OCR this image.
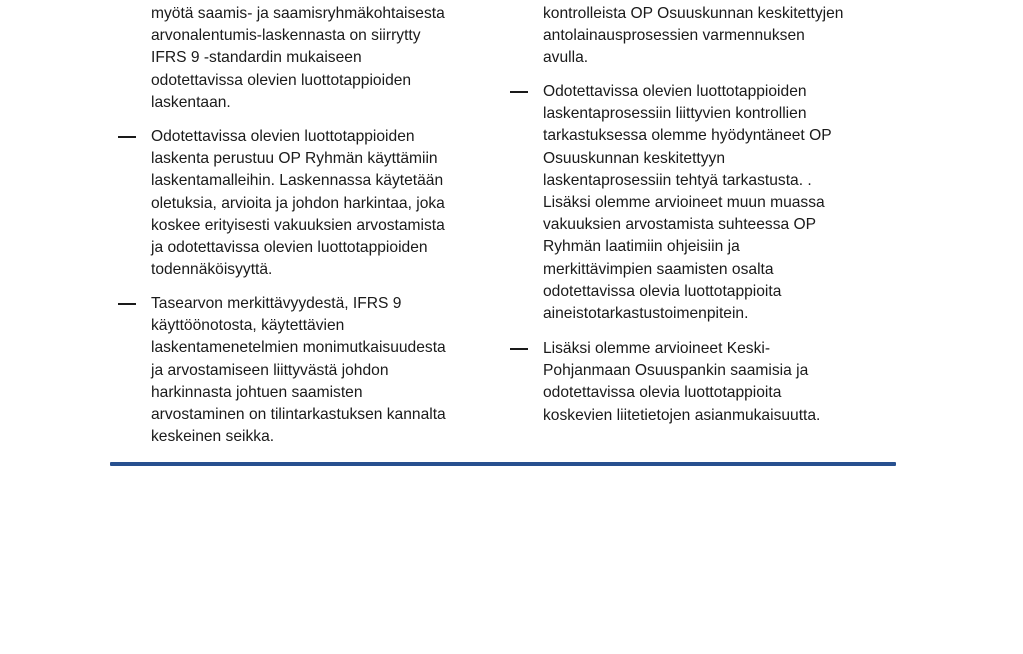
myötä saamis- ja saamisryhmäkohtaisesta
arvonalentumis-laskennasta on siirrytty
IFRS 9 -standardin mukaiseen
odotettavissa olevien luottotappioiden
laskentaan.
Odotettavissa olevien luottotappioiden
laskenta perustuu OP Ryhmän käyttämiin
laskentamalleihin. Laskennassa käytetään
oletuksia, arvioita ja johdon harkintaa, joka
koskee erityisesti vakuuksien arvostamista
ja odotettavissa olevien luottotappioiden
todennäköisyyttä.
Tasearvon merkittävyydestä, IFRS 9
käyttöönotosta, käytettävien
laskentamenetelmien monimutkaisuudesta
ja arvostamiseen liittyvästä johdon
harkinnasta johtuen saamisten
arvostaminen on tilintarkastuksen kannalta
keskeinen seikka.
kontrolleista OP Osuuskunnan keskitettyjen
antolainausprosessien varmennuksen
avulla.
Odotettavissa olevien luottotappioiden
laskentaprosessiin liittyvien kontrollien
tarkastuksessa olemme hyödyntäneet OP
Osuuskunnan keskitettyyn
laskentaprosessiin tehtyä tarkastusta. .
Lisäksi olemme arvioineet muun muassa
vakuuksien arvostamista suhteessa OP
Ryhmän laatimiin ohjeisiin ja
merkittävimpien saamisten osalta
odotettavissa olevia luottotappioita
aineistotarkastustoimenpitein.
Lisäksi olemme arvioineet Keski-
Pohjanmaan Osuuspankin saamisia ja
odotettavissa olevia luottotappioita
koskevien liitetietojen asianmukaisuutta.
